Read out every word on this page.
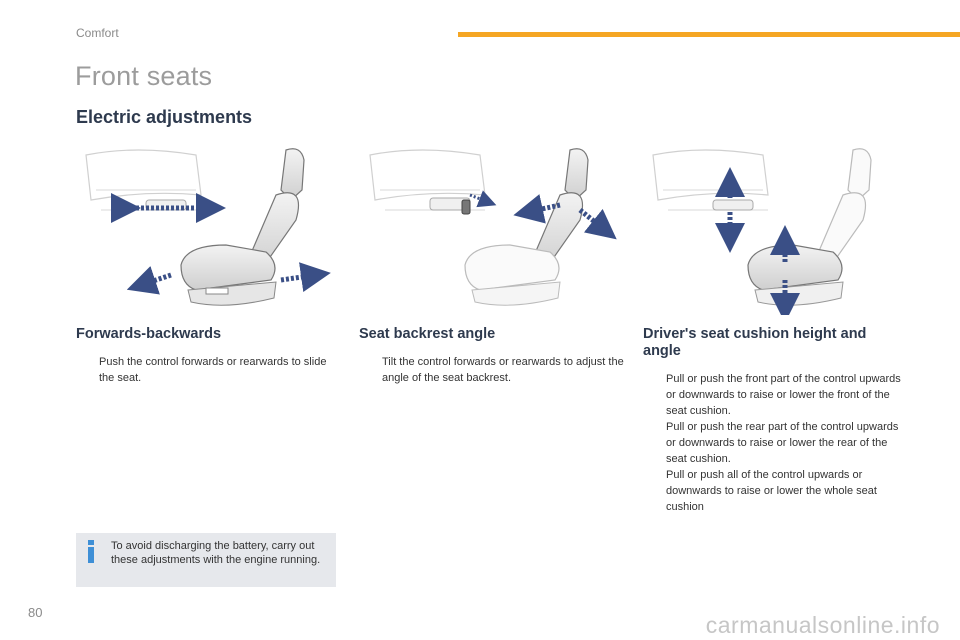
Comfort
Front seats
Electric adjustments
Forwards-backwards
Push the control forwards or rearwards to slide the seat.
Seat backrest angle
Tilt the control forwards or rearwards to adjust the angle of the seat backrest.
Driver's seat cushion height and angle
Pull or push the front part of the control upwards or downwards to raise or lower the front of the seat cushion.
Pull or push the rear part of the control upwards or downwards to raise or lower the rear of the seat cushion.
Pull or push all of the control upwards or downwards to raise or lower the whole seat cushion
To avoid discharging the battery, carry out these adjustments with the engine running.
80	carmanualsonline.info
